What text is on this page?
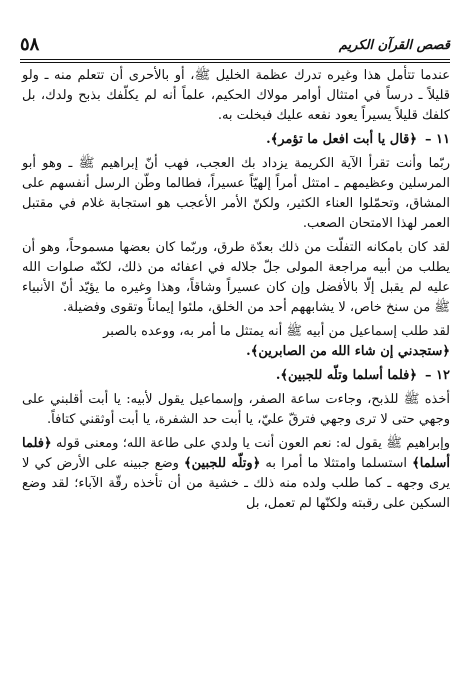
٥٨	قصص القرآن الكريم

عندما تتأمل هذا وغيره تدرك عظمة الخليل ﷺ، أو بالأحرى أن تتعلم منه ـ ولو قليلاً ـ درساً في امتثال أوامر مولاك الحكيم، علماً أنه لم يكلّفك بذبح ولدك، بل كلفك قليلاً يسيراً يعود نفعه عليك فبخلت به.

١١ –﴿قال يا أبت افعل ما تؤمر﴾.

ربّما وأنت تقرأ الآية الكريمة يزداد بك العجب، فهب أنّ إبراهيم ﷺ ـ وهو أبو المرسلين وعظيمهم ـ امتثل أمراً إلهيّاً عسيراً، فطالما وطّن الرسل أنفسهم على المشاق، وتحمّلوا العناء الكثير، ولكنّ الأمر الأعجب هو استجابة غلام في مقتبل العمر لهذا الامتحان الصعب.

لقد كان بامكانه التفلّت من ذلك بعدّة طرق، وربّما كان بعضها مسموحاً، وهو أن يطلب من أبيه مراجعة المولى جلّ جلاله في اعفائه من ذلك، لكنّه صلوات الله عليه لم يقبل إلّا بالأفضل وإن كان عسيراً وشاقاً، وهذا وغيره ما يؤيّد أنّ الأنبياء ﷺ من سنخ خاص، لا يشابههم أحد من الخلق، ملئوا إيماناً وتقوى وفضيلة.

لقد طلب إسماعيل من أبيه ﷺ أنه يمتثل ما أمر به، ووعده بالصبر
﴿ستجدني إن شاء الله من الصابرين﴾.

١٢ –﴿فلما أسلما وتلّه للجبين﴾.

أخذه ﷺ للذبح، وجاءت ساعة الصفر، وإسماعيل يقول لأبيه: يا أبت أقلبني على وجهي حتى لا ترى وجهي فترقّ عليّ، يا أبت حد الشفرة، يا أبت أوثقني كتافاً.

وإبراهيم ﷺ يقول له: نعم العون أنت يا ولدي على طاعة الله؛ ومعنى قوله ﴿فلما أسلما﴾ استسلما وامتثلا ما أمرا به ﴿وتلّه للجبين﴾ وضع جبينه على الأرض كي لا يرى وجهه ـ كما طلب ولده منه ذلك ـ خشية من أن تأخذه رقّة الآباء؛ لقد وضع السكين على رقبته ولكنّها لم تعمل، بل
